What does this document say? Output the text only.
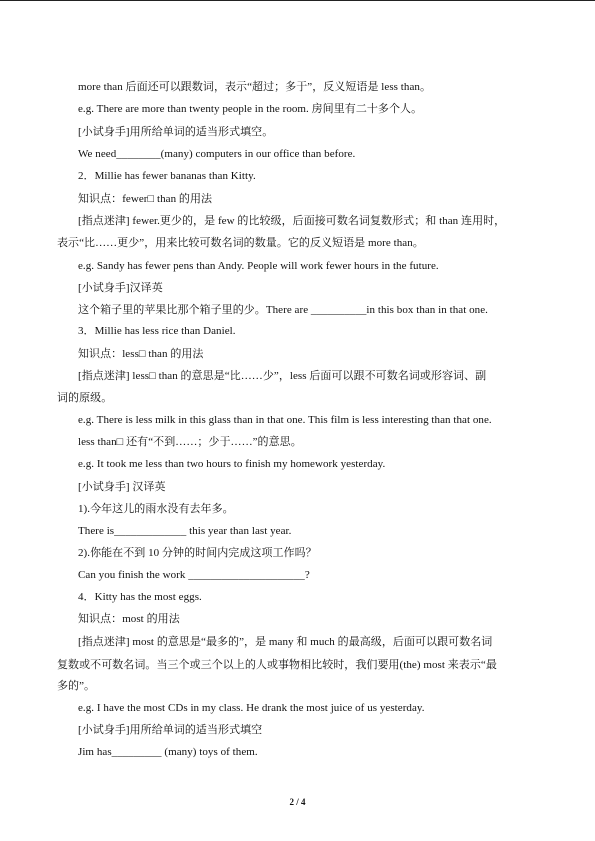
more than 后面还可以跟数词，表示“超过；多于”，反义短语是 less than。
e.g. There are more than twenty people in the room. 房间里有二十多个人。
[小试身手]用所给单词的适当形式填空。
We need________(many) computers in our office than before.
2．Millie has fewer bananas than Kitty.
知识点：fewer□ than 的用法
[指点迷津] fewer.更少的，是 few 的比较级，后面接可数名词复数形式；和 than 连用时，
表示“比……更少”，用来比较可数名词的数量。它的反义短语是 more than。
e.g. Sandy has fewer pens than Andy. People will work fewer hours in the future.
[小试身手]汉译英
这个箱子里的苹果比那个箱子里的少。There are __________in this box than in that one.
3．Millie has less rice than Daniel.
知识点：less□ than 的用法
[指点迷津] less□ than 的意思是“比……少”，less 后面可以跟不可数名词或形容词、副
词的原级。
e.g. There is less milk in this glass than in that one. This film is less interesting than that one.
less than□ 还有“不到……；少于……”的意思。
e.g. It took me less than two hours to finish my homework yesterday.
[小试身手] 汉译英
1).今年这儿的雨水没有去年多。
There is_____________ this year than last year.
2).你能在不到 10 分钟的时间内完成这项工作吗？
Can you finish the work _____________________?
4．Kitty has the most eggs.
知识点：most 的用法
[指点迷津] most 的意思是“最多的”，是 many 和 much 的最高级，后面可以跟可数名词
复数或不可数名词。当三个或三个以上的人或事物相比较时，我们要用(the) most 来表示“最
多的”。
e.g. I have the most CDs in my class. He drank the most juice of us yesterday.
[小试身手]用所给单词的适当形式填空
Jim has_________ (many) toys of them.
2 / 4
